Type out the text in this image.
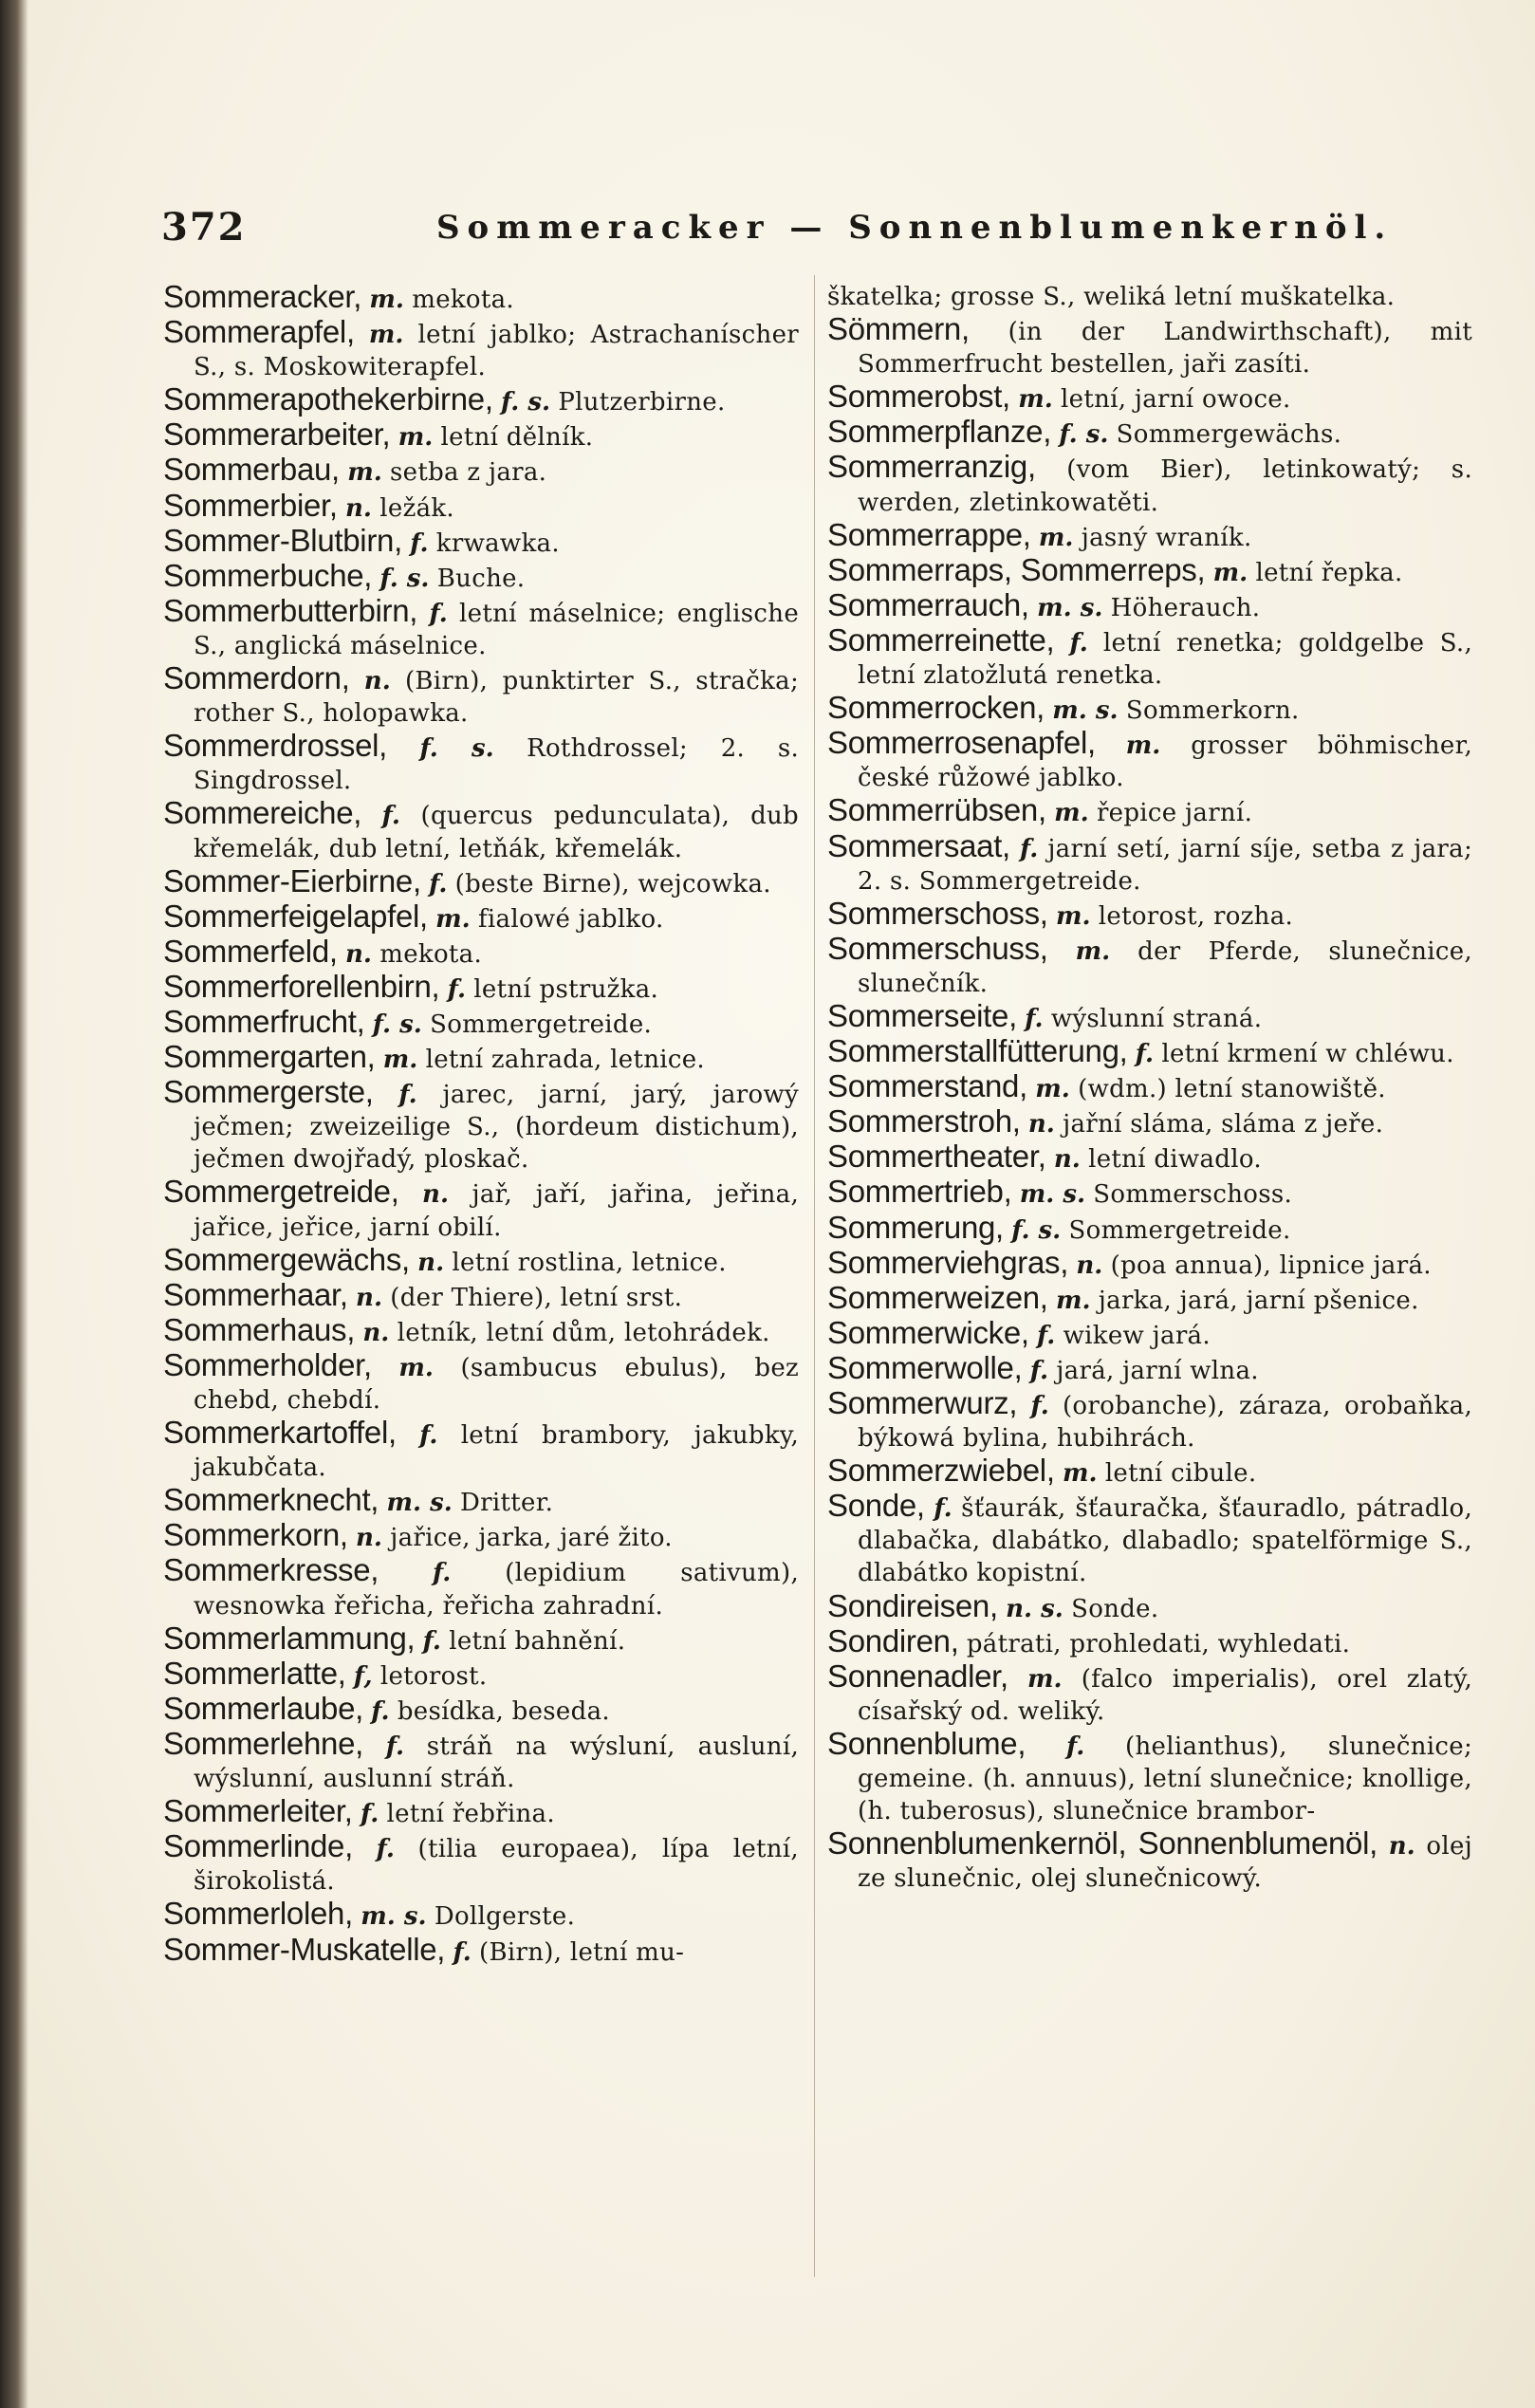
372	Sommeracker — Sonnenblumenkernöl.

Sommeracker, m. mekota.

Sommerapfel, m. letní jablko; Astrachaníscher S., s. Moskowiterapfel.

Sommerapothekerbirne, f. s. Plutzerbirne.

Sommerarbeiter, m. letní dělník.

Sommerbau, m. setba z jara.

Sommerbier, n. ležák.

Sommer-Blutbirn, f. krwawka.

Sommerbuche, f. s. Buche.

Sommerbutterbirn, f. letní máselnice; englische S., anglická máselnice.

Sommerdorn, n. (Birn), punktirter S., stračka; rother S., holopawka.

Sommerdrossel, f. s. Rothdrossel; 2. s. Singdrossel.

Sommereiche, f. (quercus pedunculata), dub křemelák, dub letní, letňák, křemelák.

Sommer-Eierbirne, f. (beste Birne), wejcowka.

Sommerfeigelapfel, m. fialowé jablko.

Sommerfeld, n. mekota.

Sommerforellenbirn, f. letní pstružka.

Sommerfrucht, f. s. Sommergetreide.

Sommergarten, m. letní zahrada, letnice.

Sommergerste, f. jarec, jarní, jarý, jarowý ječmen; zweizeilige S., (hordeum distichum), ječmen dwojřadý, ploskač.

Sommergetreide, n. jař, jaří, jařina, jeřina, jařice, jeřice, jarní obilí.

Sommergewächs, n. letní rostlina, letnice.

Sommerhaar, n. (der Thiere), letní srst.

Sommerhaus, n. letník, letní dům, letohrádek.

Sommerholder, m. (sambucus ebulus), bez chebd, chebdí.

Sommerkartoffel, f. letní brambory, jakubky, jakubčata.

Sommerknecht, m. s. Dritter.

Sommerkorn, n. jařice, jarka, jaré žito.

Sommerkresse, f. (lepidium sativum), wesnowka řeřicha, řeřicha zahradní.

Sommerlammung, f. letní bahnění.

Sommerlatte, f, letorost.

Sommerlaube, f. besídka, beseda.

Sommerlehne, f. stráň na wýsluní, ausluní, wýslunní, auslunní stráň.

Sommerleiter, f. letní řebřina.

Sommerlinde, f. (tilia europaea), lípa letní, širokolistá.

Sommerloleh, m. s. Dollgerste.

Sommer-Muskatelle, f. (Birn), letní mu-

škatelka; grosse S., weliká letní muškatelka.

Sömmern, (in der Landwirthschaft), mit Sommerfrucht bestellen, jaři zasíti.

Sommerobst, m. letní, jarní owoce.

Sommerpflanze, f. s. Sommergewächs.

Sommerranzig, (vom Bier), letinkowatý; s. werden, zletinkowatěti.

Sommerrappe, m. jasný wraník.

Sommerraps, Sommerreps, m. letní řepka.

Sommerrauch, m. s. Höherauch.

Sommerreinette, f. letní renetka; goldgelbe S., letní zlatožlutá renetka.

Sommerrocken, m. s. Sommerkorn.

Sommerrosenapfel, m. grosser böhmischer, české růžowé jablko.

Sommerrübsen, m. řepice jarní.

Sommersaat, f. jarní setí, jarní síje, setba z jara; 2. s. Sommergetreide.

Sommerschoss, m. letorost, rozha.

Sommerschuss, m. der Pferde, slunečnice, slunečník.

Sommerseite, f. wýslunní straná.

Sommerstallfütterung, f. letní krmení w chléwu.

Sommerstand, m. (wdm.) letní stanowiště.

Sommerstroh, n. jařní sláma, sláma z jeře.

Sommertheater, n. letní diwadlo.

Sommertrieb, m. s. Sommerschoss.

Sommerung, f. s. Sommergetreide.

Sommerviehgras, n. (poa annua), lipnice jará.

Sommerweizen, m. jarka, jará, jarní pšenice.

Sommerwicke, f. wikew jará.

Sommerwolle, f. jará, jarní wlna.

Sommerwurz, f. (orobanche), záraza, orobaňka, býkowá bylina, hubihrách.

Sommerzwiebel, m. letní cibule.

Sonde, f. šťaurák, šťauračka, šťauradlo, pátradlo, dlabačka, dlabátko, dlabadlo; spatelförmige S., dlabátko kopistní.

Sondireisen, n. s. Sonde.

Sondiren, pátrati, prohledati, wyhledati.

Sonnenadler, m. (falco imperialis), orel zlatý, císařský od. weliký.

Sonnenblume, f. (helianthus), slunečnice; gemeine. (h. annuus), letní slunečnice; knollige, (h. tuberosus), slunečnice brambor-

Sonnenblumenkernöl, Sonnenblumenöl, n. olej ze slunečnic, olej slunečnicowý.
